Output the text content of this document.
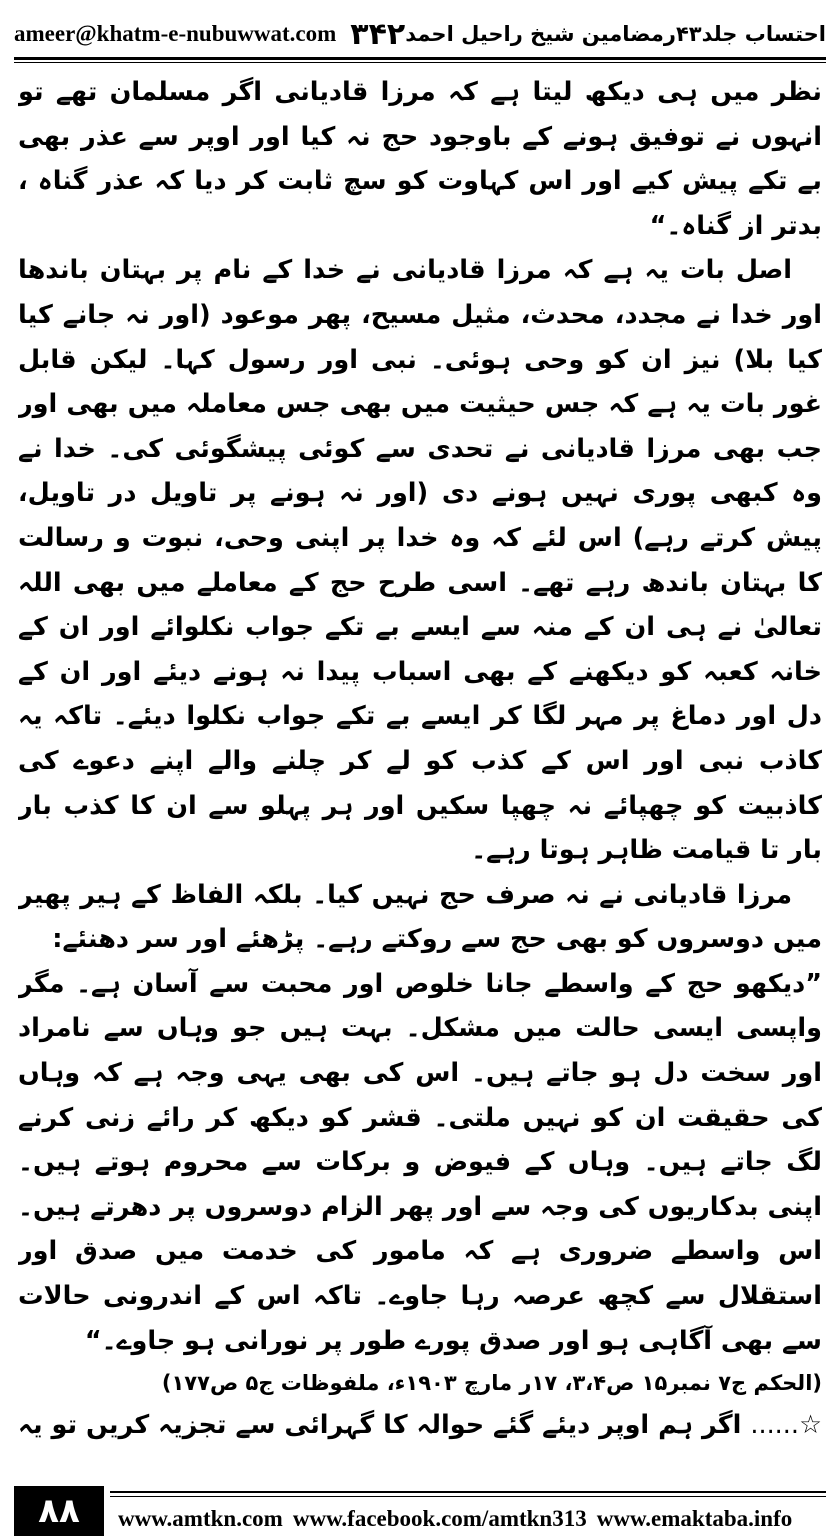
ameer@khatm-e-nubuwwat.com ۳۴۲ احتساب جلد۴۳رمضامین شیخ راحیل احمد

نظر میں ہی دیکھ لیتا ہے کہ مرزا قادیانی اگر مسلمان تھے تو انہوں نے توفیق ہونے کے باوجود حج نہ کیا اور اوپر سے عذر بھی بے تکے پیش کیے اور اس کہاوت کو سچ ثابت کر دیا کہ عذر گناہ ، بدتر از گناہ۔“

اصل بات یہ ہے کہ مرزا قادیانی نے خدا کے نام پر بہتان باندھا اور خدا نے مجدد، محدث، مثیل مسیح، پھر موعود (اور نہ جانے کیا کیا بلا) نیز ان کو وحی ہوئی۔ نبی اور رسول کہا۔ لیکن قابل غور بات یہ ہے کہ جس حیثیت میں بھی جس معاملہ میں بھی اور جب بھی مرزا قادیانی نے تحدی سے کوئی پیشگوئی کی۔ خدا نے وہ کبھی پوری نہیں ہونے دی (اور نہ ہونے پر تاویل در تاویل، پیش کرتے رہے) اس لئے کہ وہ خدا پر اپنی وحی، نبوت و رسالت کا بہتان باندھ رہے تھے۔ اسی طرح حج کے معاملے میں بھی اللہ تعالیٰ نے ہی ان کے منہ سے ایسے بے تکے جواب نکلوائے اور ان کے خانہ کعبہ کو دیکھنے کے بھی اسباب پیدا نہ ہونے دیئے اور ان کے دل اور دماغ پر مہر لگا کر ایسے بے تکے جواب نکلوا دیئے۔ تاکہ یہ کاذب نبی اور اس کے کذب کو لے کر چلنے والے اپنے دعوے کی کاذبیت کو چھپائے نہ چھپا سکیں اور ہر پہلو سے ان کا کذب بار بار تا قیامت ظاہر ہوتا رہے۔

مرزا قادیانی نے نہ صرف حج نہیں کیا۔ بلکہ الفاظ کے ہیر پھیر میں دوسروں کو بھی حج سے روکتے رہے۔ پڑھئے اور سر دھنئے:

”دیکھو حج کے واسطے جانا خلوص اور محبت سے آسان ہے۔ مگر واپسی ایسی حالت میں مشکل۔ بہت ہیں جو وہاں سے نامراد اور سخت دل ہو جاتے ہیں۔ اس کی بھی یہی وجہ ہے کہ وہاں کی حقیقت ان کو نہیں ملتی۔ قشر کو دیکھ کر رائے زنی کرنے لگ جاتے ہیں۔ وہاں کے فیوض و برکات سے محروم ہوتے ہیں۔ اپنی بدکاریوں کی وجہ سے اور پھر الزام دوسروں پر دھرتے ہیں۔ اس واسطے ضروری ہے کہ مامور کی خدمت میں صدق اور استقلال سے کچھ عرصہ رہا جاوے۔ تاکہ اس کے اندرونی حالات سے بھی آگاہی ہو اور صدق پورے طور پر نورانی ہو جاوے۔“

(الحکم ج۷ نمبر۱۵ ص۳،۴، ۱۷ر مارچ ۱۹۰۳ء، ملفوظات ج۵ ص۱۷۷)

☆...... اگر ہم اوپر دیئے گئے حوالہ کا گہرائی سے تجزیہ کریں تو یہ

۸۸	www.amtkn.com www.facebook.com/amtkn313 www.emaktaba.info
